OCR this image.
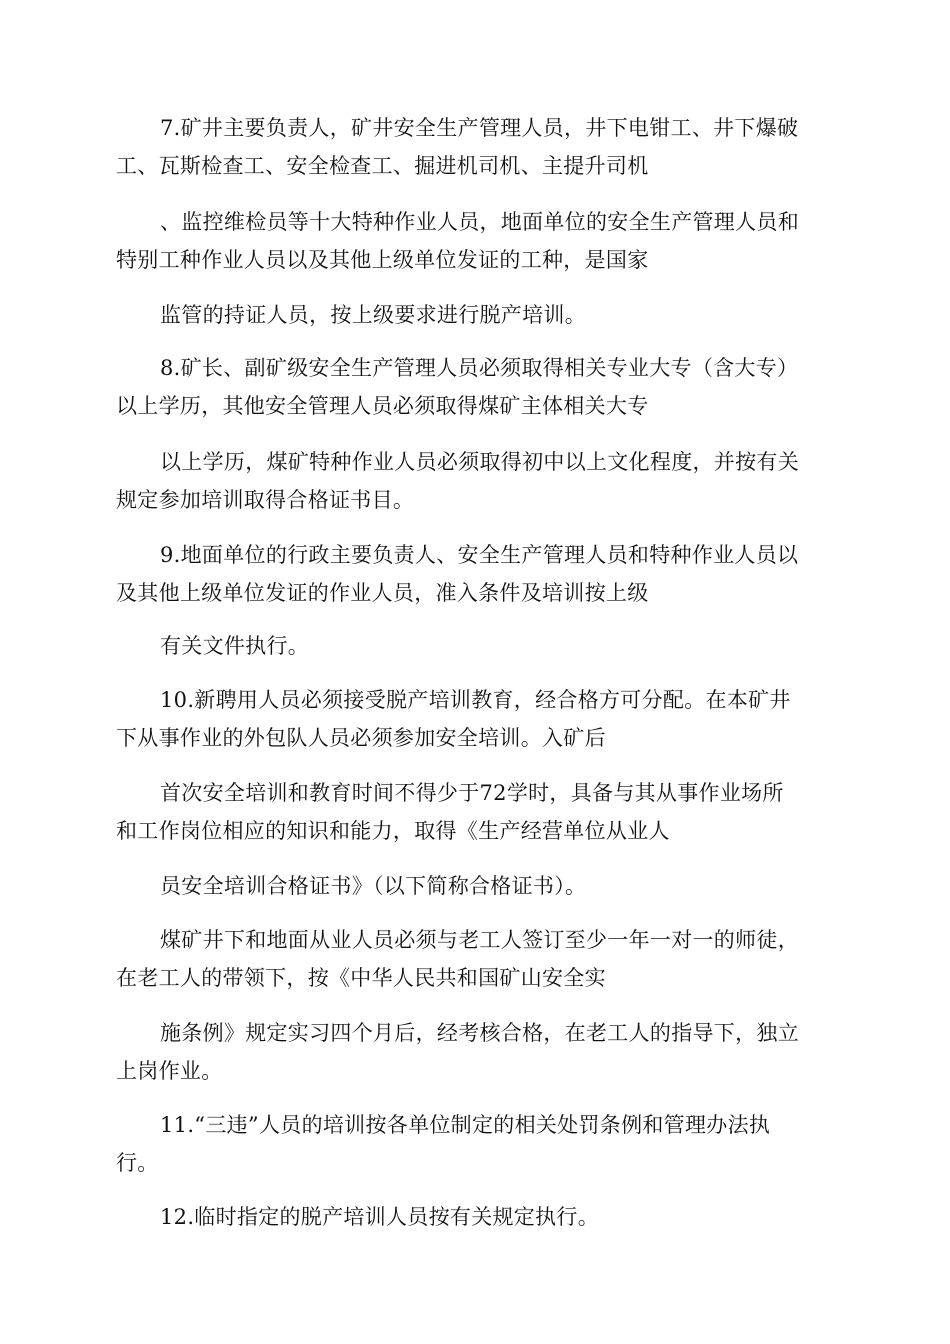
7.矿井主要负责人，矿井安全生产管理人员，井下电钳工、井下爆破
工、瓦斯检查工、安全检查工、掘进机司机、主提升司机
、监控维检员等十大特种作业人员，地面单位的安全生产管理人员和
特别工种作业人员以及其他上级单位发证的工种，是国家
监管的持证人员，按上级要求进行脱产培训。
8.矿长、副矿级安全生产管理人员必须取得相关专业大专（含大专）
以上学历，其他安全管理人员必须取得煤矿主体相关大专
以上学历，煤矿特种作业人员必须取得初中以上文化程度，并按有关
规定参加培训取得合格证书目。
9.地面单位的行政主要负责人、安全生产管理人员和特种作业人员以
及其他上级单位发证的作业人员，准入条件及培训按上级
有关文件执行。
10.新聘用人员必须接受脱产培训教育，经合格方可分配。在本矿井
下从事作业的外包队人员必须参加安全培训。入矿后
首次安全培训和教育时间不得少于72学时，具备与其从事作业场所
和工作岗位相应的知识和能力，取得《生产经营单位从业人
员安全培训合格证书》（以下简称合格证书）。
煤矿井下和地面从业人员必须与老工人签订至少一年一对一的师徒，
在老工人的带领下，按《中华人民共和国矿山安全实
施条例》规定实习四个月后，经考核合格，在老工人的指导下，独立
上岗作业。
11.“三违”人员的培训按各单位制定的相关处罚条例和管理办法执
行。
12.临时指定的脱产培训人员按有关规定执行。
